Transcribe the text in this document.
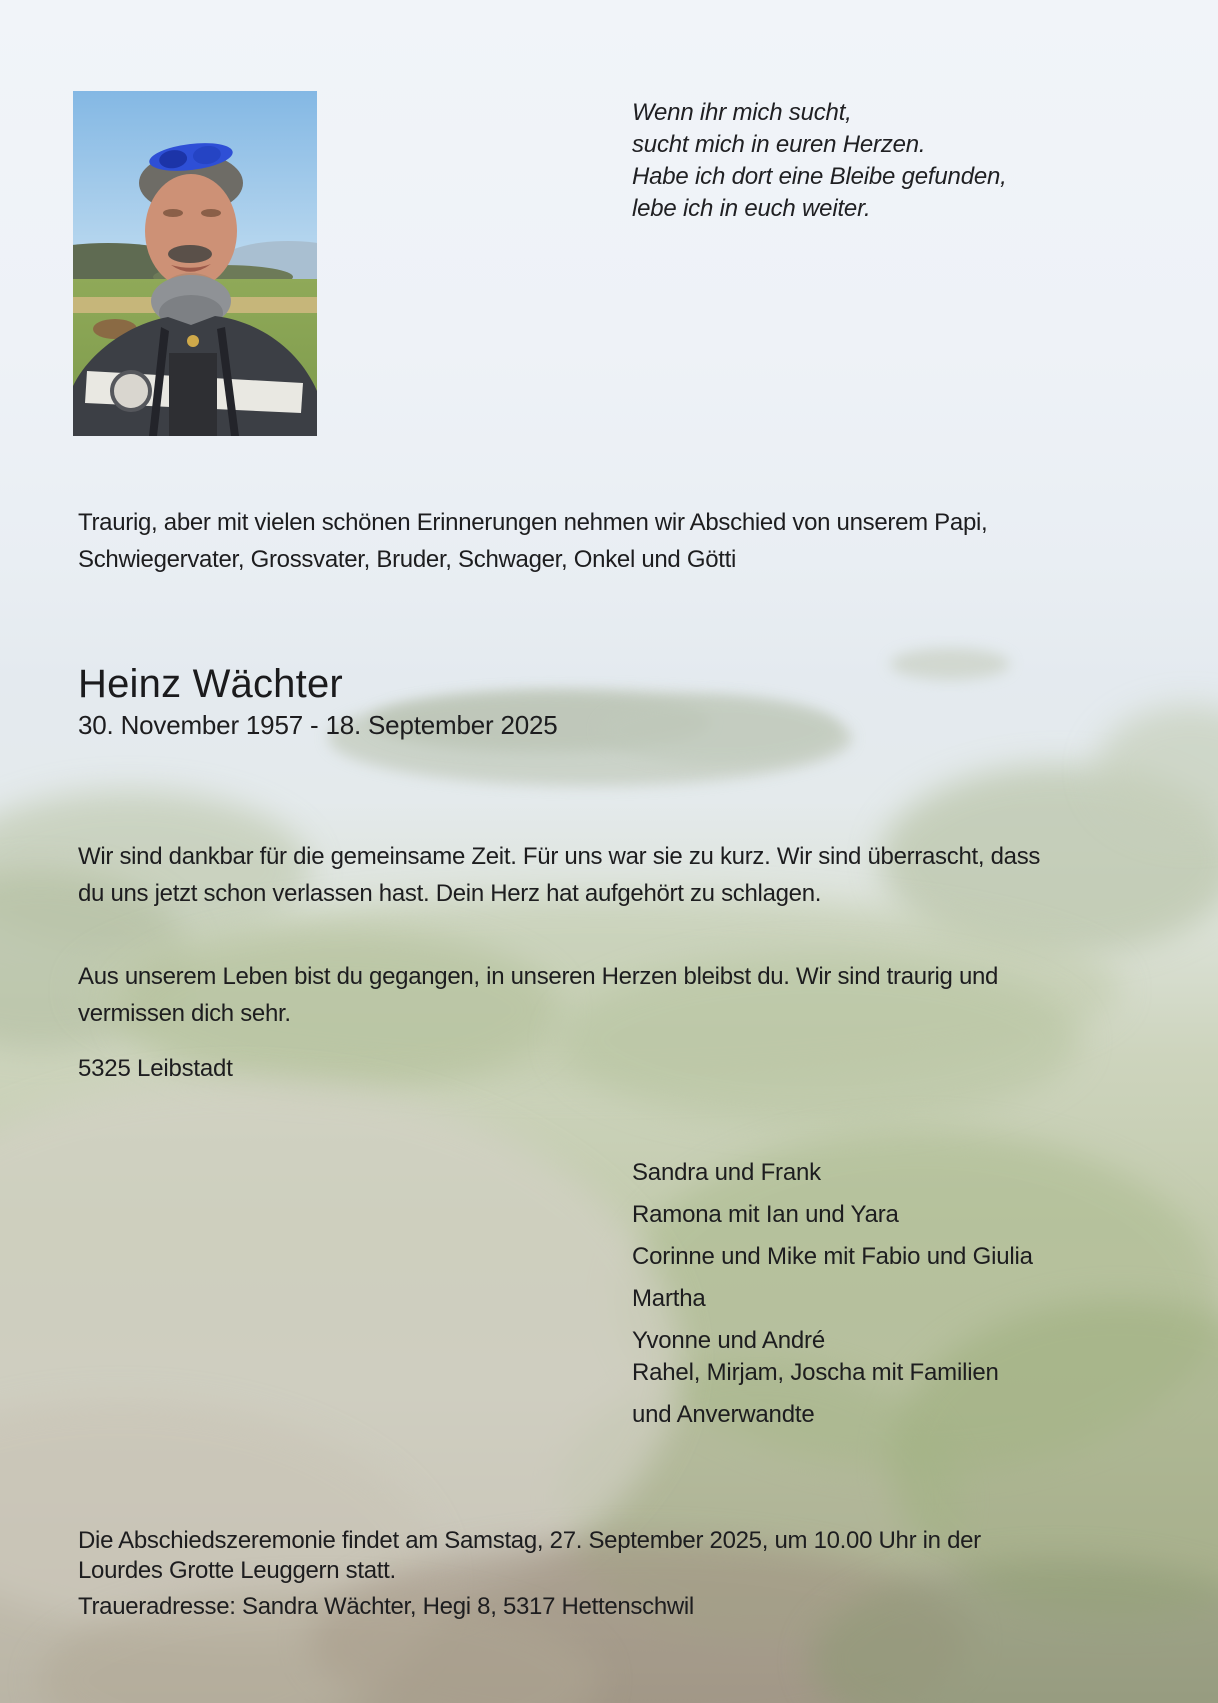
Wenn ihr mich sucht,
sucht mich in euren Herzen.
Habe ich dort eine Bleibe gefunden,
lebe ich in euch weiter.
Traurig, aber mit vielen schönen Erinnerungen nehmen wir Abschied von unserem Papi,
Schwiegervater, Grossvater, Bruder, Schwager, Onkel und Götti
Heinz Wächter
30. November 1957 - 18. September 2025
Wir sind dankbar für die gemeinsame Zeit. Für uns war sie zu kurz. Wir sind überrascht, dass
du uns jetzt schon verlassen hast. Dein Herz hat aufgehört zu schlagen.
Aus unserem Leben bist du gegangen, in unseren Herzen bleibst du. Wir sind traurig und
vermissen dich sehr.
5325 Leibstadt
Sandra und Frank
Ramona mit Ian und Yara
Corinne und Mike mit Fabio und Giulia
Martha
Yvonne und André
Rahel, Mirjam, Joscha mit Familien
und Anverwandte
Die Abschiedszeremonie findet am Samstag, 27. September 2025, um 10.00 Uhr in der
Lourdes Grotte Leuggern statt.
Traueradresse: Sandra Wächter, Hegi 8, 5317 Hettenschwil
